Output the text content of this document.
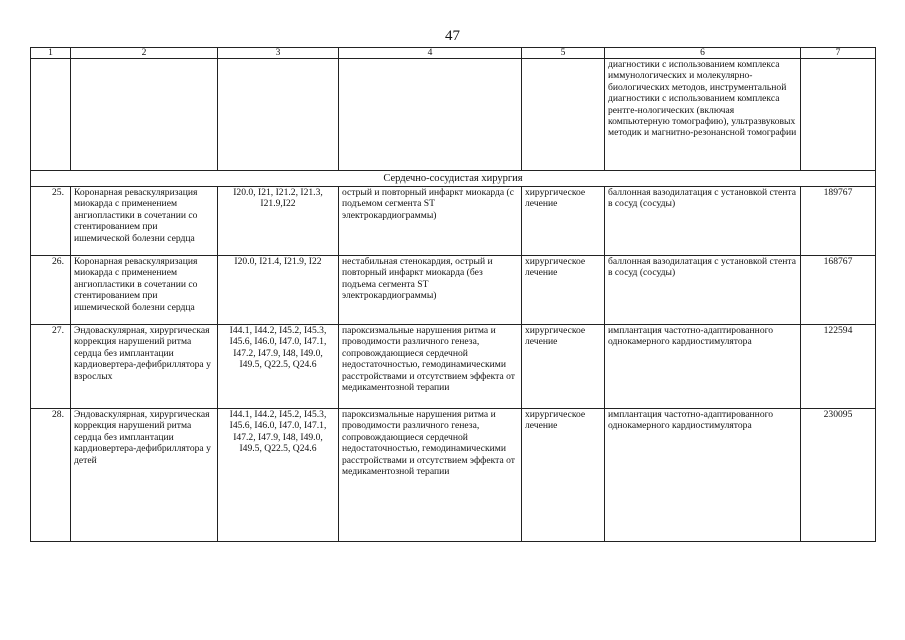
47
1	2	3	4	5	6	7
					диагностики с использованием комплекса иммунологических и молекулярно-биологических методов, инструментальной диагностики с использованием комплекса рентге-нологических (включая компьютерную томографию), ультразвуковых методик и магнитно-резонансной томографии	
Сердечно-сосудистая хирургия						
25.	Коронарная реваскуляризация миокарда с применением ангиопластики в сочетании со стентированием при ишемической болезни сердца	I20.0, I21, I21.2, I21.3, I21.9,I22	острый и повторный инфаркт миокарда (с подъемом сегмента ST электрокардиограммы)	хирургическое лечение	баллонная вазодилатация с установкой стента в сосуд (сосуды)	189767
26.	Коронарная реваскуляризация миокарда с применением ангиопластики в сочетании со стентированием при ишемической болезни сердца	I20.0, I21.4, I21.9, I22	нестабильная стенокардия, острый и повторный инфаркт миокарда (без подъема сегмента ST электрокардиограммы)	хирургическое лечение	баллонная вазодилатация с установкой стента в сосуд (сосуды)	168767
27.	Эндоваскулярная, хирургическая коррекция нарушений ритма сердца без имплантации кардиовертера-дефибриллятора у взрослых	I44.1, I44.2, I45.2, I45.3, I45.6, I46.0, I47.0, I47.1, I47.2, I47.9, I48, I49.0, I49.5, Q22.5, Q24.6	пароксизмальные нарушения ритма и проводимости различного генеза, сопровождающиеся сердечной недостаточностью, гемодинамическими расстройствами и отсутствием эффекта от медикаментозной терапии	хирургическое лечение	имплантация частотно-адаптированного однокамерного кардиостимулятора	122594
28.	Эндоваскулярная, хирургическая коррекция нарушений ритма сердца без имплантации кардиовертера-дефибриллятора у детей	I44.1, I44.2, I45.2, I45.3, I45.6, I46.0, I47.0, I47.1, I47.2, I47.9, I48, I49.0, I49.5, Q22.5, Q24.6	пароксизмальные нарушения ритма и проводимости различного генеза, сопровождающиеся сердечной недостаточностью, гемодинамическими расстройствами и отсутствием эффекта от медикаментозной терапии	хирургическое лечение	имплантация частотно-адаптированного однокамерного кардиостимулятора	230095
